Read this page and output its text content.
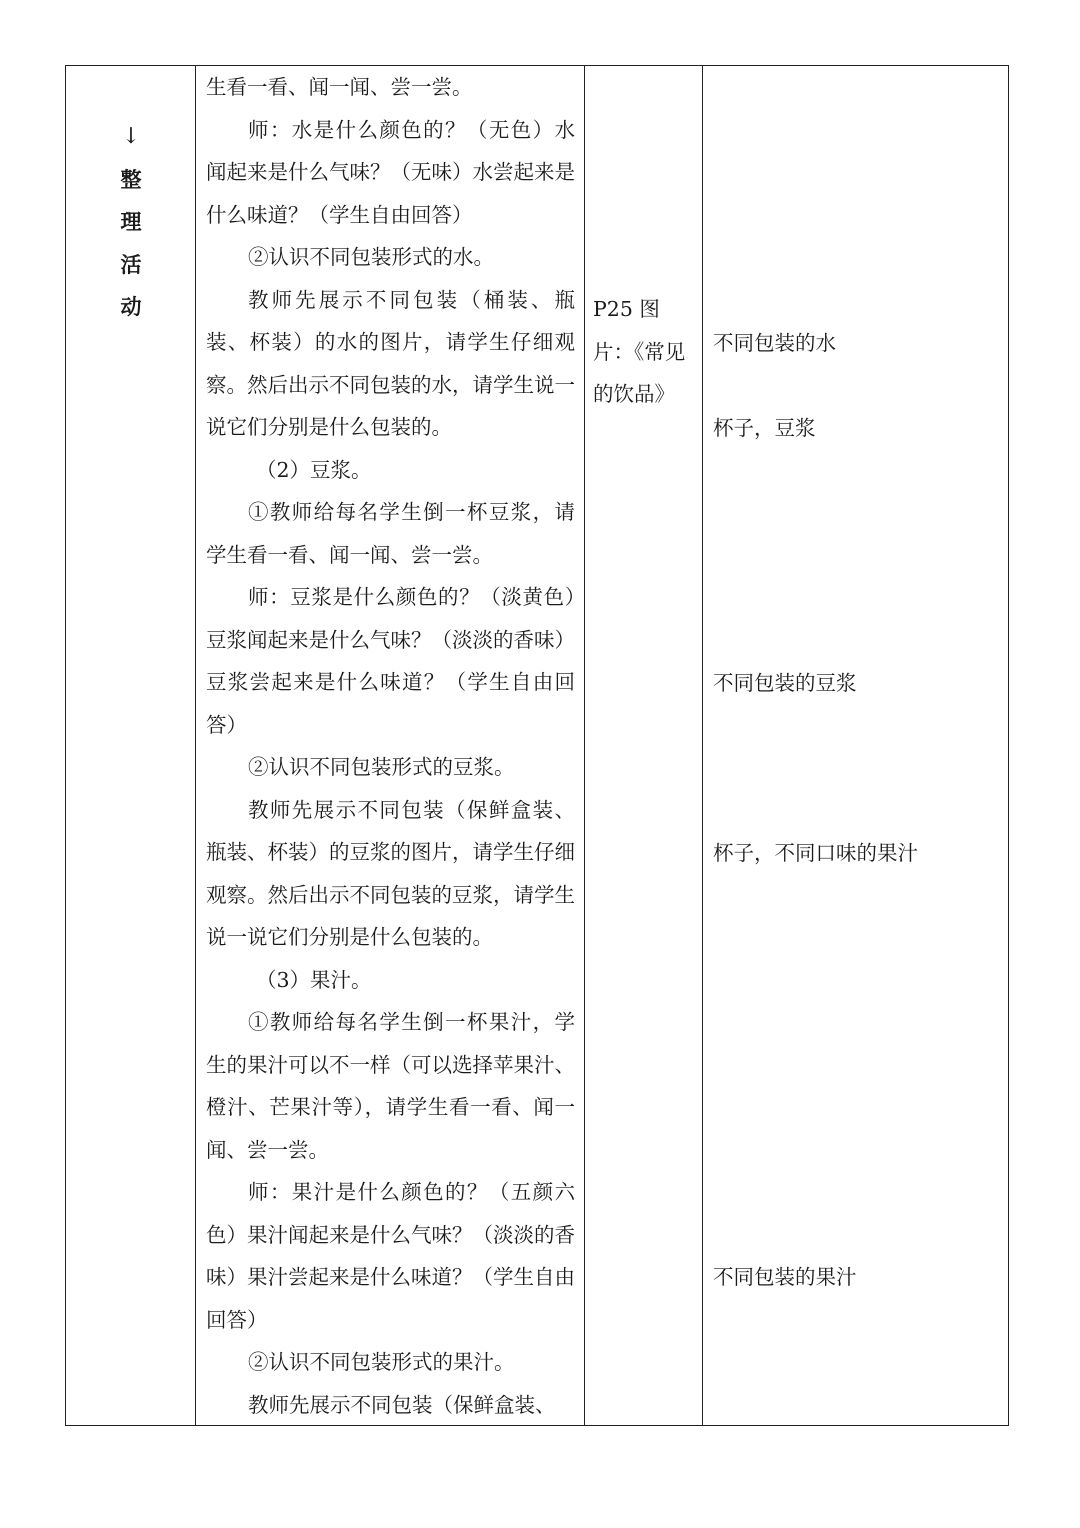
↓
整
理
活
动

生看一看、闻一闻、尝一尝。

师：水是什么颜色的？（无色）水闻起来是什么气味？（无味）水尝起来是什么味道？（学生自由回答）

②认识不同包装形式的水。

教师先展示不同包装（桶装、瓶装、杯装）的水的图片，请学生仔细观察。然后出示不同包装的水，请学生说一说它们分别是什么包装的。

（2）豆浆。

①教师给每名学生倒一杯豆浆，请学生看一看、闻一闻、尝一尝。

师：豆浆是什么颜色的？（淡黄色）豆浆闻起来是什么气味？（淡淡的香味）豆浆尝起来是什么味道？（学生自由回答）

②认识不同包装形式的豆浆。

教师先展示不同包装（保鲜盒装、瓶装、杯装）的豆浆的图片，请学生仔细观察。然后出示不同包装的豆浆，请学生说一说它们分别是什么包装的。

（3）果汁。

①教师给每名学生倒一杯果汁，学生的果汁可以不一样（可以选择苹果汁、橙汁、芒果汁等），请学生看一看、闻一闻、尝一尝。

师：果汁是什么颜色的？（五颜六色）果汁闻起来是什么气味？（淡淡的香味）果汁尝起来是什么味道？（学生自由回答）

②认识不同包装形式的果汁。

教师先展示不同包装（保鲜盒装、

P25 图片：《常见的饮品》
不同包装的水
杯子，豆浆
不同包装的豆浆
杯子，不同口味的果汁
不同包装的果汁
